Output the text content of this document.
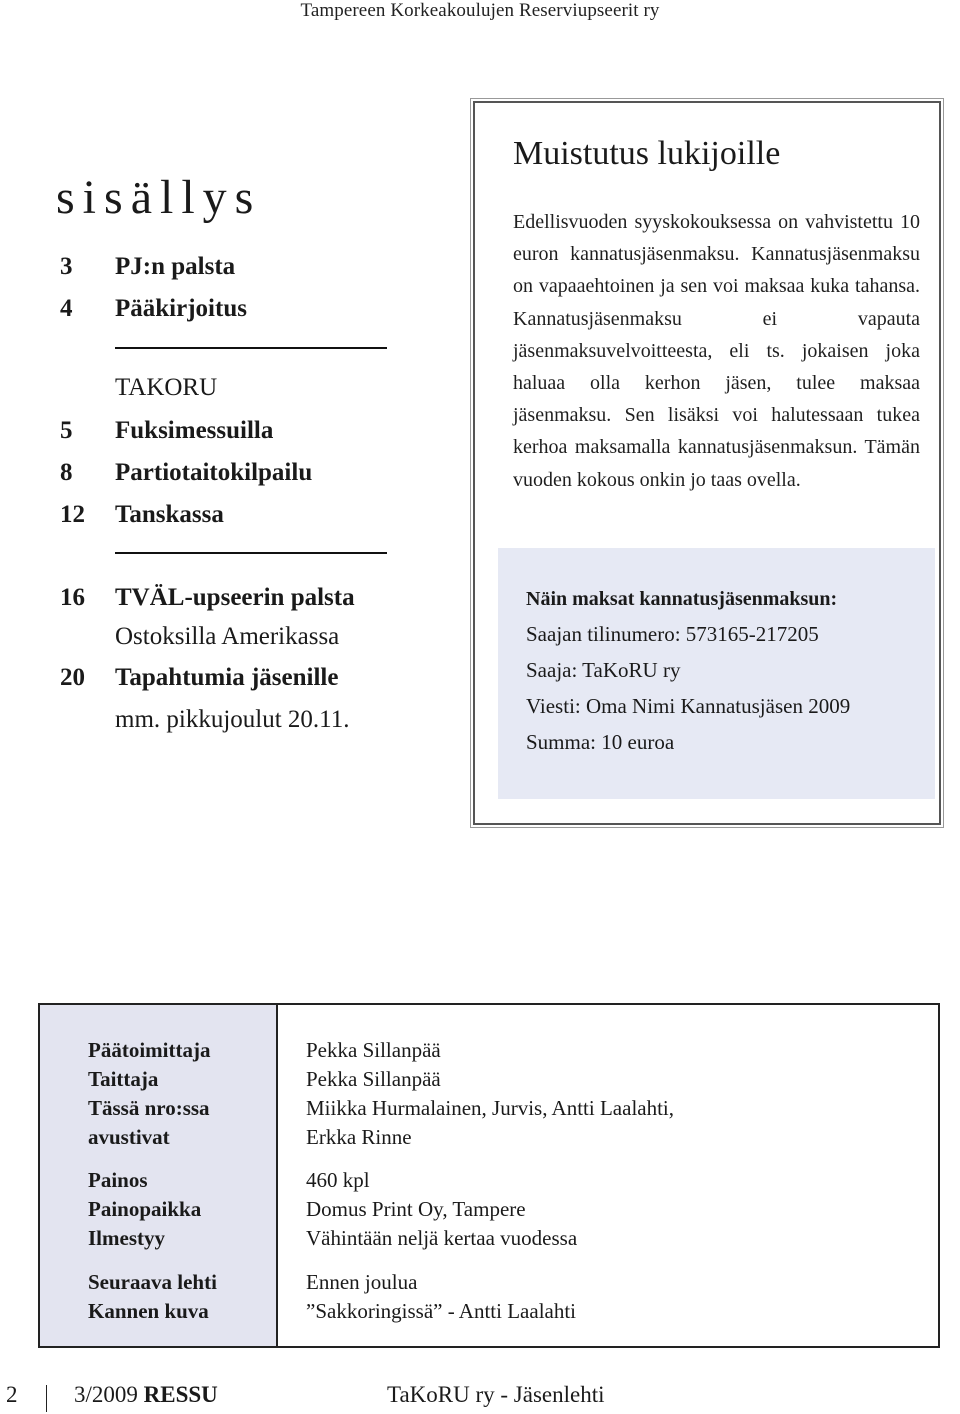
Tampereen Korkeakoulujen Reserviupseerit ry
sisällys
3 PJ:n palsta
4 Pääkirjoitus
TAKORU
5 Fuksimessuilla
8 Partiotaitokilpailu
12 Tanskassa
16 TVÄL-upseerin palsta
Ostoksilla Amerikassa
20 Tapahtumia jäsenille
mm. pikkujoulut 20.11.
Muistutus lukijoille
Edellisvuoden syyskokouksessa on vahvistettu 10 euron kannatusjäsenmaksu. Kannatusjäsenmaksu on vapaaehtoinen ja sen voi maksaa kuka tahansa. Kannatusjäsenmaksu ei vapauta jäsenmaksuvelvoitteesta, eli ts. jokaisen joka haluaa olla kerhon jäsen, tulee maksaa jäsenmaksu. Sen lisäksi voi halutessaan tukea kerhoa maksamalla kannatusjäsenmaksun. Tämän vuoden kokous onkin jo taas ovella.
Näin maksat kannatusjäsenmaksun:
Saajan tilinumero: 573165-217205
Saaja: TaKoRU ry
Viesti: Oma Nimi Kannatusjäsen 2009
Summa: 10 euroa
Päätoimittaja
Taittaja
Tässä nro:ssa
avustivat
Painos
Painopaikka
Ilmestyy
Seuraava lehti
Kannen kuva
Pekka Sillanpää
Pekka Sillanpää
Miikka Hurmalainen, Jurvis, Antti Laalahti,
Erkka Rinne
460 kpl
Domus Print Oy, Tampere
Vähintään neljä kertaa vuodessa
Ennen joulua
”Sakkoringissä” - Antti Laalahti
2 3/2009 RESSU	TaKoRU ry - Jäsenlehti
